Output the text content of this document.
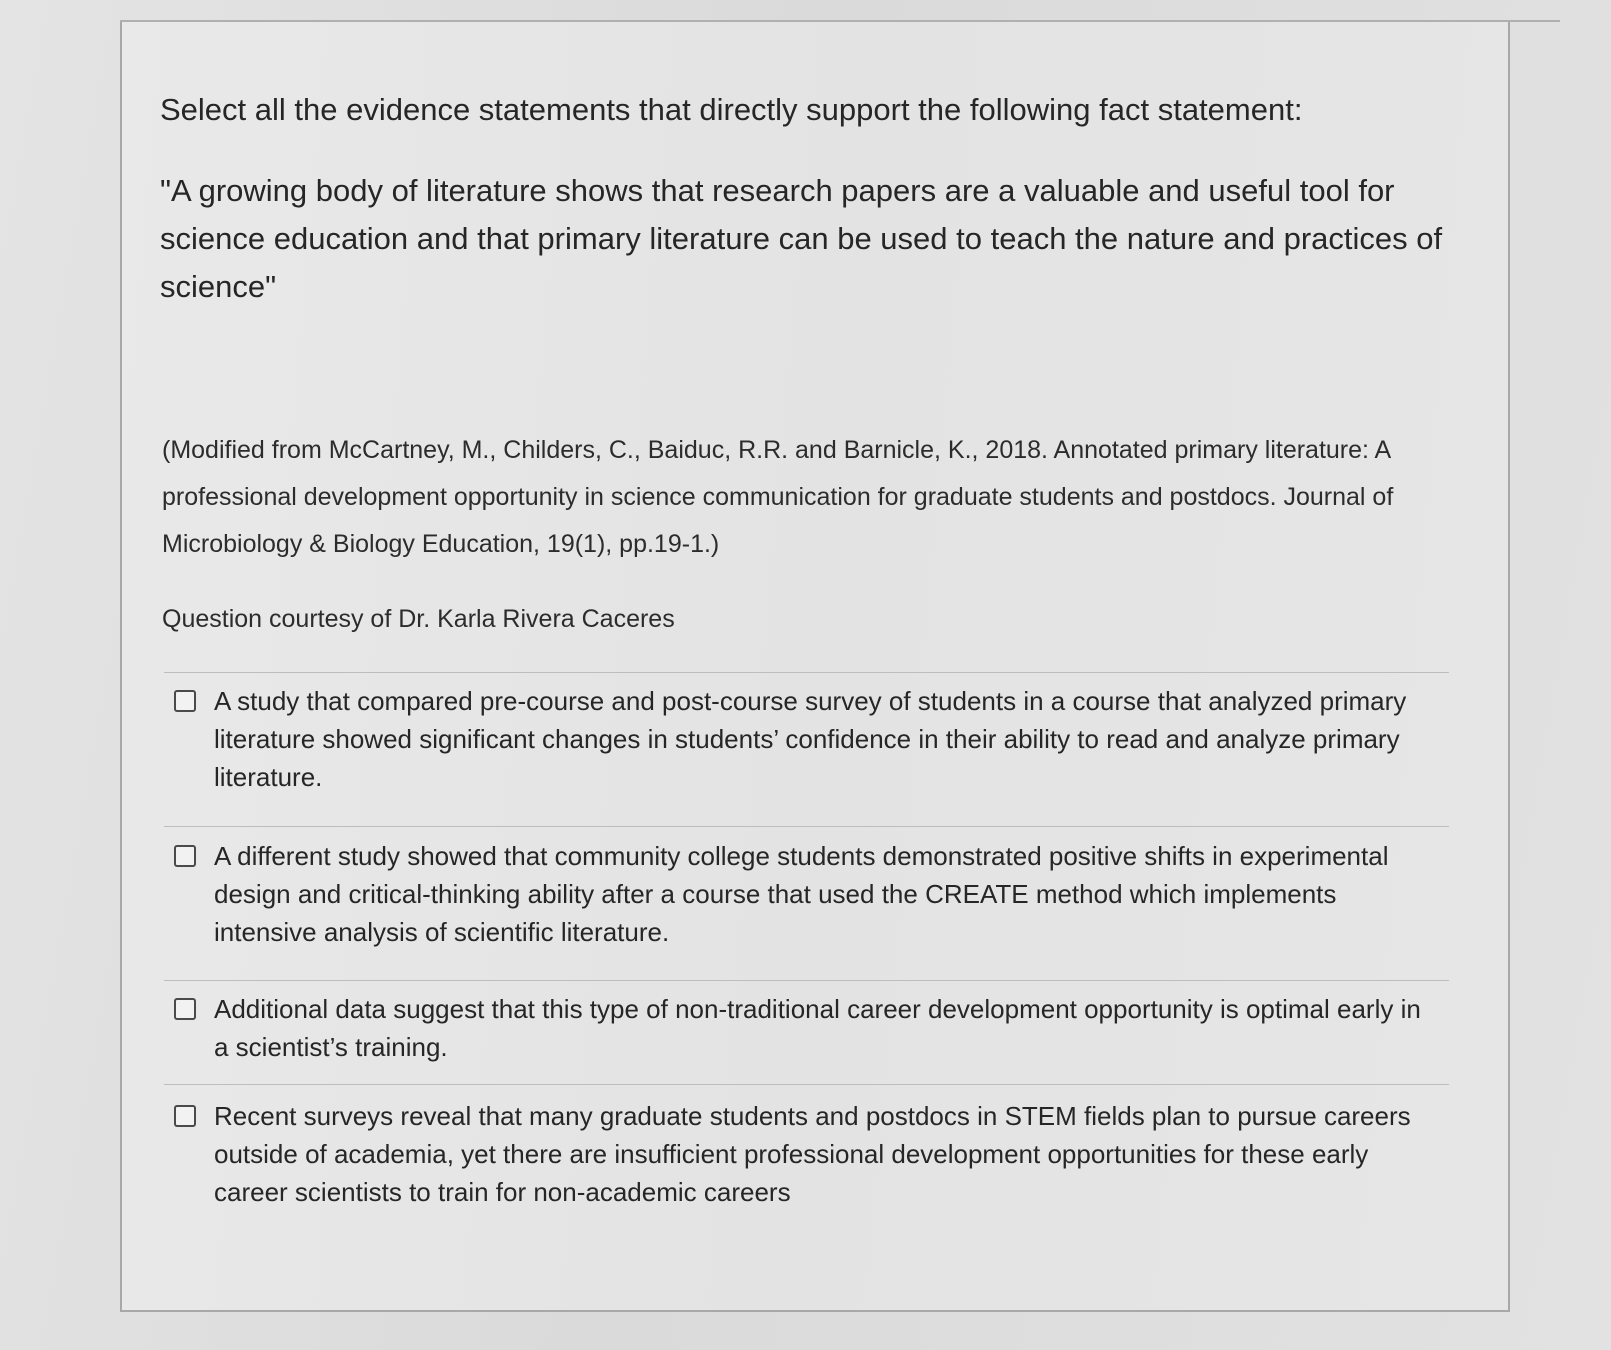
Select all the evidence statements that directly support the following fact statement:
"A growing body of literature shows that research papers are a valuable and useful tool for science education and that primary literature can be used to teach the nature and practices of science"
(Modified from McCartney, M., Childers, C., Baiduc, R.R. and Barnicle, K., 2018. Annotated primary literature: A professional development opportunity in science communication for graduate students and postdocs. Journal of Microbiology & Biology Education, 19(1), pp.19-1.)
Question courtesy of Dr. Karla Rivera Caceres
A study that compared pre-course and post-course survey of students in a course that analyzed primary literature showed significant changes in students’ confidence in their ability to read and analyze primary literature.
A different study showed that community college students demonstrated positive shifts in experimental design and critical-thinking ability after a course that used the CREATE method which implements intensive analysis of scientific literature.
Additional data suggest that this type of non-traditional career development opportunity is optimal early in a scientist’s training.
Recent surveys reveal that many graduate students and postdocs in STEM fields plan to pursue careers outside of academia, yet there are insufficient professional development opportunities for these early career scientists to train for non-academic careers
